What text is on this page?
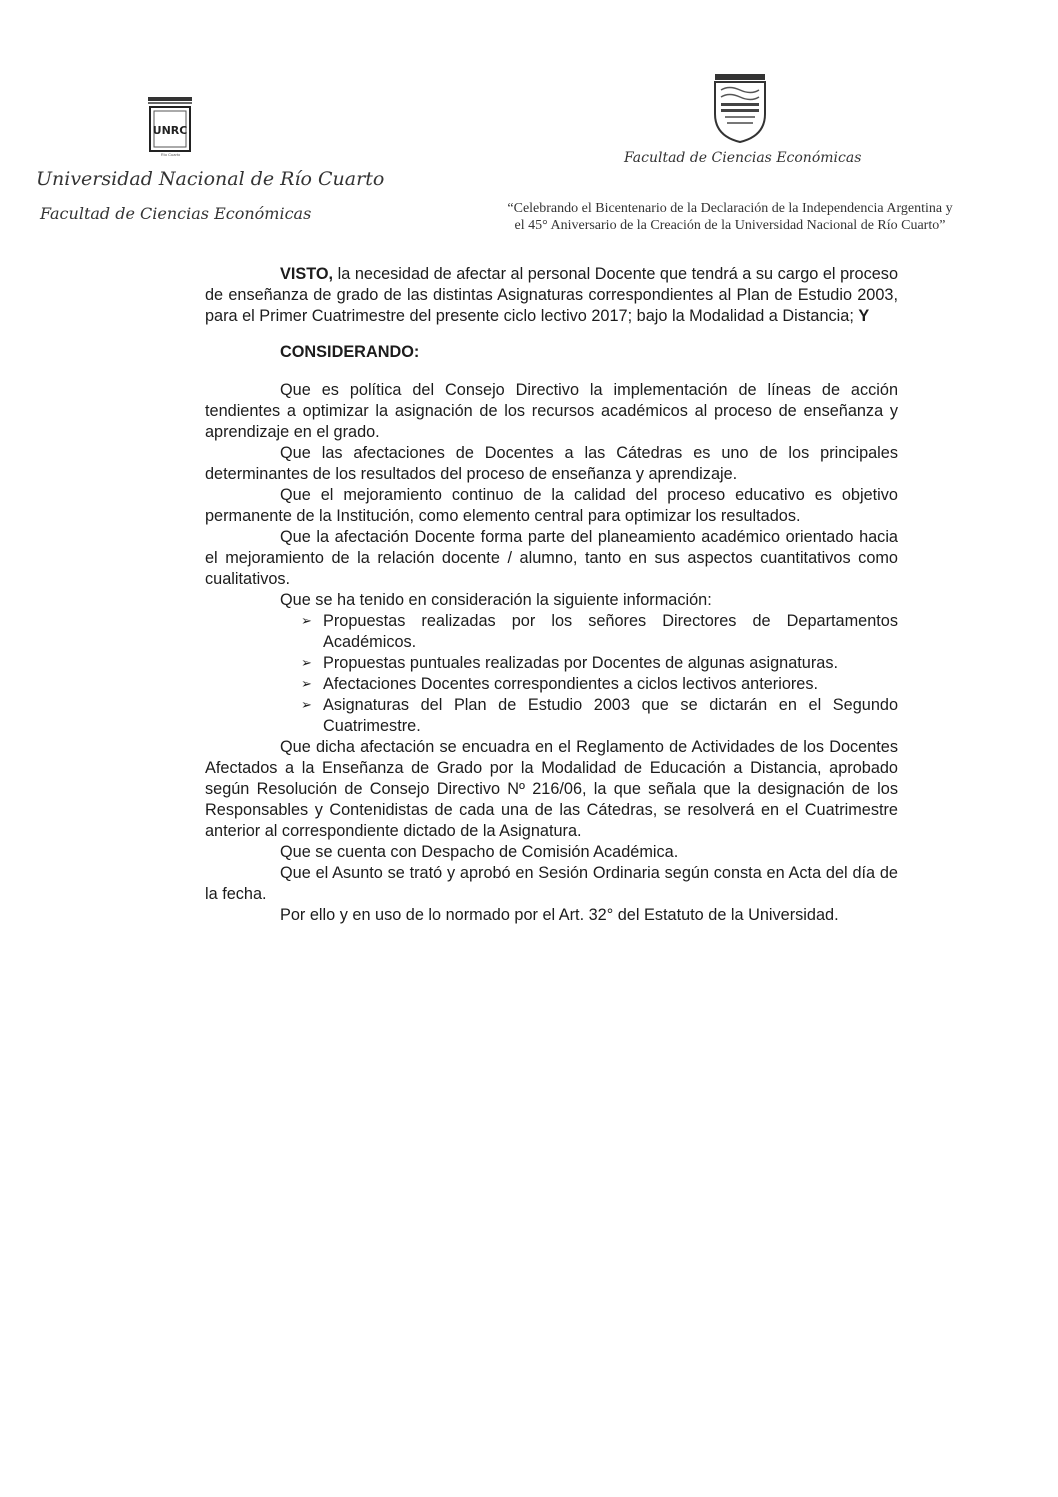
UNRC
Río Cuarto
Universidad Nacional de Río Cuarto
Facultad de Ciencias Económicas
Facultad de Ciencias Económicas
“Celebrando el Bicentenario de la Declaración de la Independencia Argentina y
el 45° Aniversario de la Creación de la Universidad Nacional de Río Cuarto”

VISTO, la necesidad de afectar al personal Docente que tendrá a su cargo el proceso de enseñanza de grado de las distintas Asignaturas correspondientes al Plan de Estudio 2003, para el Primer Cuatrimestre del presente ciclo lectivo 2017; bajo la Modalidad a Distancia; Y

CONSIDERANDO:

Que es política del Consejo Directivo la implementación de líneas de acción tendientes a optimizar la asignación de los recursos académicos al proceso de enseñanza y aprendizaje en el grado.

Que las afectaciones de Docentes a las Cátedras es uno de los principales determinantes de los resultados del proceso de enseñanza y aprendizaje.

Que el mejoramiento continuo de la calidad del proceso educativo es objetivo permanente de la Institución, como elemento central para optimizar los resultados.

Que la afectación Docente forma parte del planeamiento académico orientado hacia el mejoramiento de la relación docente / alumno, tanto en sus aspectos cuantitativos como cualitativos.

Que se ha tenido en consideración la siguiente información:

➢ Propuestas realizadas por los señores Directores de Departamentos Académicos.
➢ Propuestas puntuales realizadas por Docentes de algunas asignaturas.
➢ Afectaciones Docentes correspondientes a ciclos lectivos anteriores.
➢ Asignaturas del Plan de Estudio 2003 que se dictarán en el Segundo Cuatrimestre.

Que dicha afectación se encuadra en el Reglamento de Actividades de los Docentes Afectados a la Enseñanza de Grado por la Modalidad de Educación a Distancia, aprobado según Resolución de Consejo Directivo Nº 216/06, la que señala que la designación de los Responsables y Contenidistas de cada una de las Cátedras, se resolverá en el Cuatrimestre anterior al correspondiente dictado de la Asignatura.

Que se cuenta con Despacho de Comisión Académica.

Que el Asunto se trató y aprobó en Sesión Ordinaria según consta en Acta del día de la fecha.

Por ello y en uso de lo normado por el Art. 32° del Estatuto de la Universidad.
